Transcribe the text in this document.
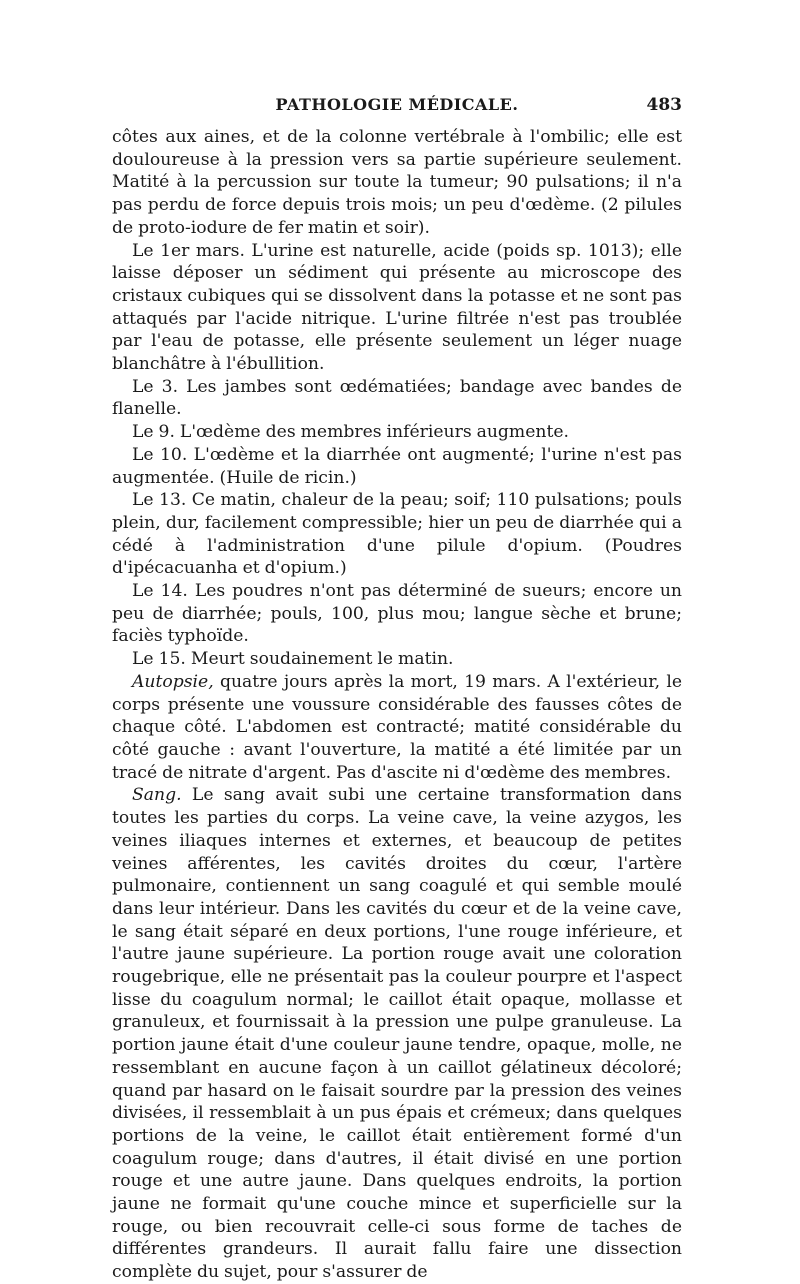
PATHOLOGIE MÉDICALE.	483

côtes aux aines, et de la colonne vertébrale à l'ombilic; elle est douloureuse à la pression vers sa partie supérieure seulement. Matité à la percussion sur toute la tumeur; 90 pulsations; il n'a pas perdu de force depuis trois mois; un peu d'œdème. (2 pilules de proto-iodure de fer matin et soir).

Le 1er mars. L'urine est naturelle, acide (poids sp. 1013); elle laisse déposer un sédiment qui présente au microscope des cristaux cubiques qui se dissolvent dans la potasse et ne sont pas attaqués par l'acide nitrique. L'urine filtrée n'est pas troublée par l'eau de potasse, elle présente seulement un léger nuage blanchâtre à l'ébullition.

Le 3. Les jambes sont œdématiées; bandage avec bandes de flanelle.

Le 9. L'œdème des membres inférieurs augmente.

Le 10. L'œdème et la diarrhée ont augmenté; l'urine n'est pas augmentée. (Huile de ricin.)

Le 13. Ce matin, chaleur de la peau; soif; 110 pulsations; pouls plein, dur, facilement compressible; hier un peu de diarrhée qui a cédé à l'administration d'une pilule d'opium. (Poudres d'ipécacuanha et d'opium.)

Le 14. Les poudres n'ont pas déterminé de sueurs; encore un peu de diarrhée; pouls, 100, plus mou; langue sèche et brune; faciès typhoïde.

Le 15. Meurt soudainement le matin.

Autopsie, quatre jours après la mort, 19 mars. A l'extérieur, le corps présente une voussure considérable des fausses côtes de chaque côté. L'abdomen est contracté; matité considérable du côté gauche : avant l'ouverture, la matité a été limitée par un tracé de nitrate d'argent. Pas d'ascite ni d'œdème des membres.

Sang. Le sang avait subi une certaine transformation dans toutes les parties du corps. La veine cave, la veine azygos, les veines iliaques internes et externes, et beaucoup de petites veines afférentes, les cavités droites du cœur, l'artère pulmonaire, contiennent un sang coagulé et qui semble moulé dans leur intérieur. Dans les cavités du cœur et de la veine cave, le sang était séparé en deux portions, l'une rouge inférieure, et l'autre jaune supérieure. La portion rouge avait une coloration rougebrique, elle ne présentait pas la couleur pourpre et l'aspect lisse du coagulum normal; le caillot était opaque, mollasse et granuleux, et fournissait à la pression une pulpe granuleuse. La portion jaune était d'une couleur jaune tendre, opaque, molle, ne ressemblant en aucune façon à un caillot gélatineux décoloré; quand par hasard on le faisait sourdre par la pression des veines divisées, il ressemblait à un pus épais et crémeux; dans quelques portions de la veine, le caillot était entièrement formé d'un coagulum rouge; dans d'autres, il était divisé en une portion rouge et une autre jaune. Dans quelques endroits, la portion jaune ne formait qu'une couche mince et superficielle sur la rouge, ou bien recouvrait celle-ci sous forme de taches de différentes grandeurs. Il aurait fallu faire une dissection complète du sujet, pour s'assurer de
